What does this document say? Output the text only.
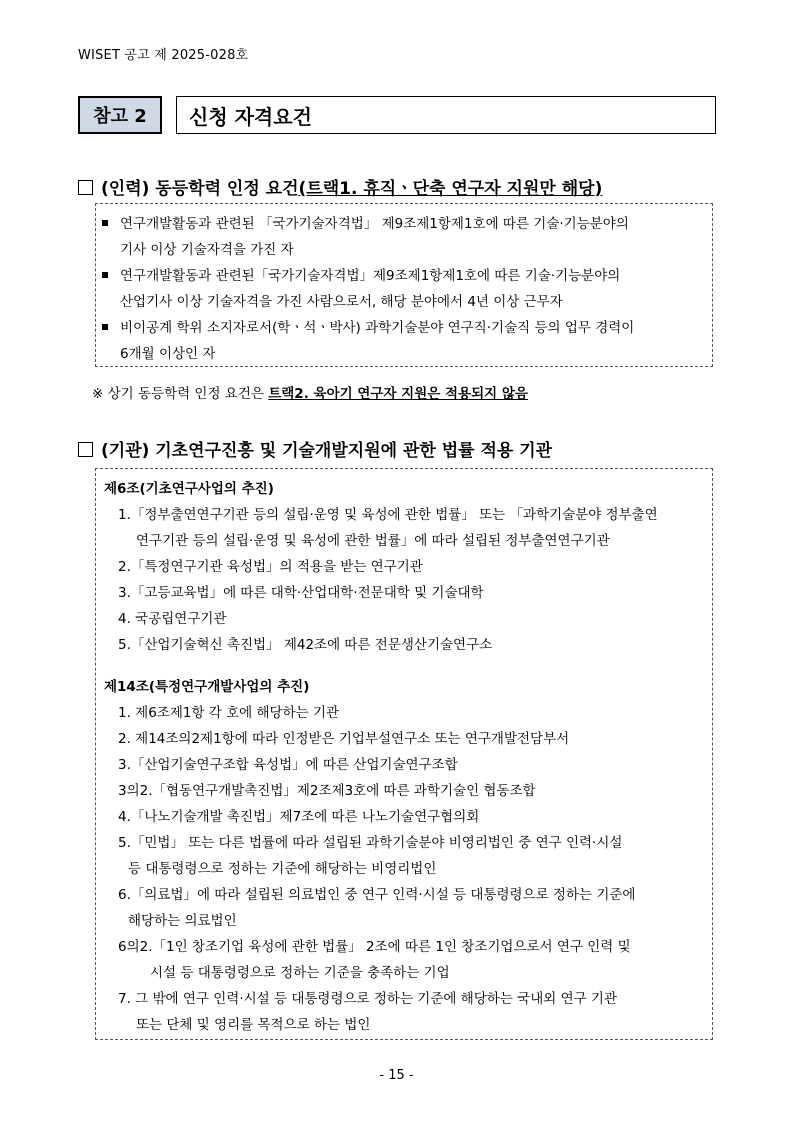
WISET 공고 제 2025-028호
참고 2	신청 자격요건
(인력) 동등학력 인정 요건(트랙1. 휴직ㆍ단축 연구자 지원만 해당)
연구개발활동과 관련된 「국가기술자격법」 제9조제1항제1호에 따른 기술·기능분야의
기사 이상 기술자격을 가진 자
연구개발활동과 관련된「국가기술자격법」제9조제1항제1호에 따른 기술·기능분야의
산업기사 이상 기술자격을 가진 사람으로서, 해당 분야에서 4년 이상 근무자
비이공계 학위 소지자로서(학ㆍ석ㆍ박사) 과학기술분야 연구직·기술직 등의 업무 경력이
6개월 이상인 자
※ 상기 동등학력 인정 요건은 트랙2. 육아기 연구자 지원은 적용되지 않음
(기관) 기초연구진흥 및 기술개발지원에 관한 법률 적용 기관
제6조(기초연구사업의 추진)
1.「정부출연연구기관 등의 설립·운영 및 육성에 관한 법률」 또는 「과학기술분야 정부출연
연구기관 등의 설립·운영 및 육성에 관한 법률」에 따라 설립된 정부출연연구기관
2.「특정연구기관 육성법」의 적용을 받는 연구기관
3.「고등교육법」에 따른 대학·산업대학·전문대학 및 기술대학
4. 국공립연구기관
5.「산업기술혁신 촉진법」 제42조에 따른 전문생산기술연구소
제14조(특정연구개발사업의 추진)
1. 제6조제1항 각 호에 해당하는 기관
2. 제14조의2제1항에 따라 인정받은 기업부설연구소 또는 연구개발전담부서
3.「산업기술연구조합 육성법」에 따른 산업기술연구조합
3의2.「협동연구개발촉진법」제2조제3호에 따른 과학기술인 협동조합
4.「나노기술개발 촉진법」제7조에 따른 나노기술연구협의회
5.「민법」 또는 다른 법률에 따라 설립된 과학기술분야 비영리법인 중 연구 인력·시설
등 대통령령으로 정하는 기준에 해당하는 비영리법인
6.「의료법」에 따라 설립된 의료법인 중 연구 인력·시설 등 대통령령으로 정하는 기준에
해당하는 의료법인
6의2.「1인 창조기업 육성에 관한 법률」 2조에 따른 1인 창조기업으로서 연구 인력 및
시설 등 대통령령으로 정하는 기준을 충족하는 기업
7. 그 밖에 연구 인력·시설 등 대통령령으로 정하는 기준에 해당하는 국내외 연구 기관
또는 단체 및 영리를 목적으로 하는 법인
- 15 -
